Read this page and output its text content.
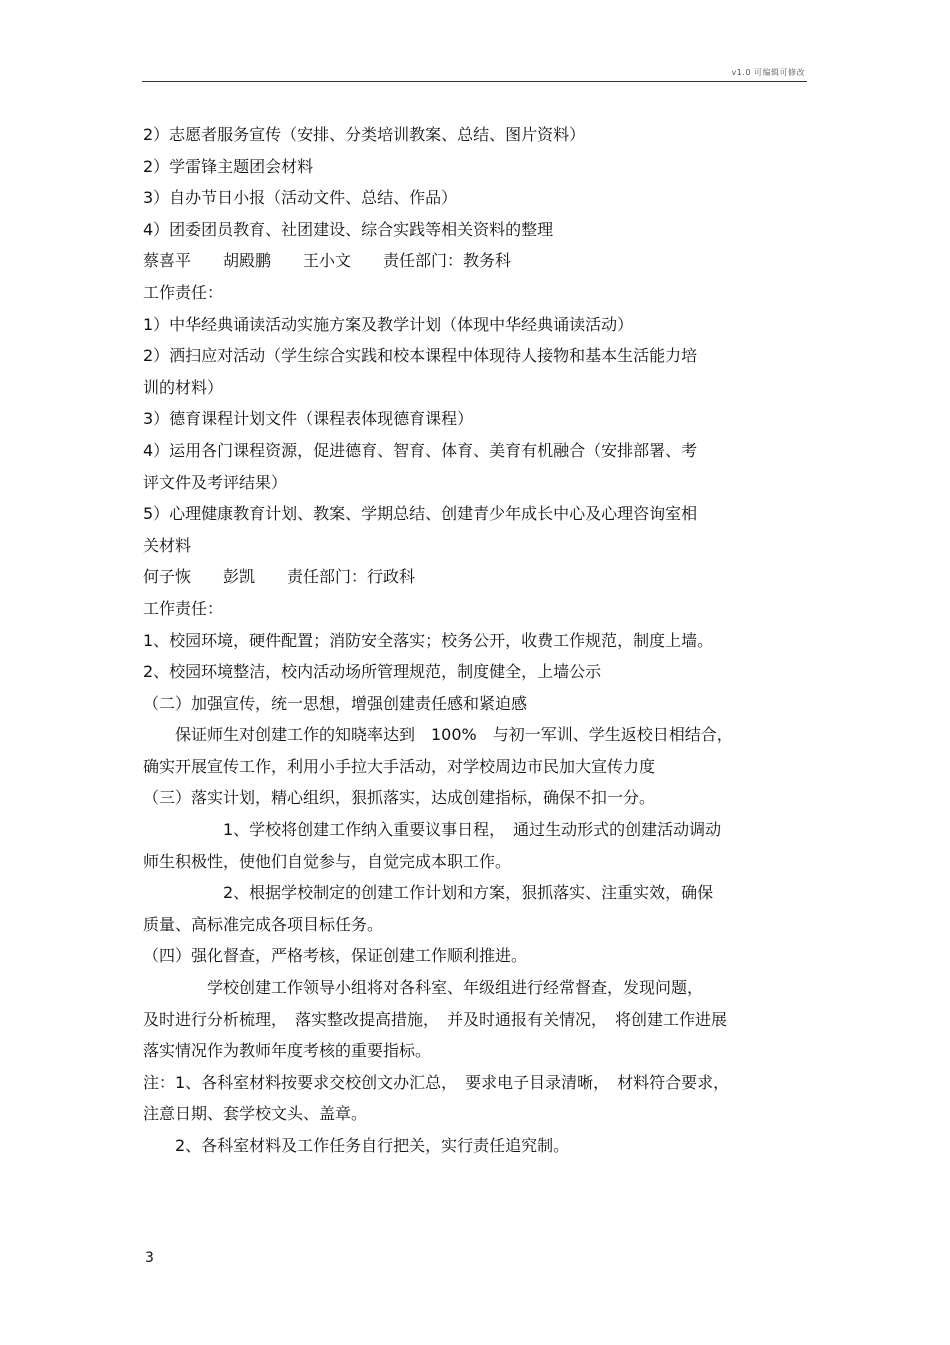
v1.0 可编辑可修改
2）志愿者服务宣传（安排、分类培训教案、总结、图片资料）
2）学雷锋主题团会材料
3）自办节日小报（活动文件、总结、作品）
4）团委团员教育、社团建设、综合实践等相关资料的整理
蔡喜平　　胡殿鹏　　王小文　　责任部门：教务科
工作责任：
1）中华经典诵读活动实施方案及教学计划（体现中华经典诵读活动）
2）洒扫应对活动（学生综合实践和校本课程中体现待人接物和基本生活能力培
训的材料）
3）德育课程计划文件（课程表体现德育课程）
4）运用各门课程资源，促进德育、智育、体育、美育有机融合（安排部署、考
评文件及考评结果）
5）心理健康教育计划、教案、学期总结、创建青少年成长中心及心理咨询室相
关材料
何子恢　　彭凯　　责任部门：行政科
工作责任：
1、校园环境，硬件配置；消防安全落实；校务公开，收费工作规范，制度上墙。
2、校园环境整洁，校内活动场所管理规范，制度健全，上墙公示
（二）加强宣传，统一思想，增强创建责任感和紧迫感
　　保证师生对创建工作的知晓率达到　100%　与初一军训、学生返校日相结合，
确实开展宣传工作，利用小手拉大手活动，对学校周边市民加大宣传力度
（三）落实计划，精心组织，狠抓落实，达成创建指标，确保不扣一分。
　　　　　1、学校将创建工作纳入重要议事日程，　通过生动形式的创建活动调动
师生积极性，使他们自觉参与，自觉完成本职工作。
　　　　　2、根据学校制定的创建工作计划和方案，狠抓落实、注重实效，确保
质量、高标准完成各项目标任务。
（四）强化督查，严格考核，保证创建工作顺利推进。
　　　　学校创建工作领导小组将对各科室、年级组进行经常督查，发现问题，
及时进行分析梳理，　落实整改提高措施，　并及时通报有关情况，　将创建工作进展
落实情况作为教师年度考核的重要指标。
注：1、各科室材料按要求交校创文办汇总，　要求电子目录清晰，　材料符合要求，
注意日期、套学校文头、盖章。
　　2、各科室材料及工作任务自行把关，实行责任追究制。
3
